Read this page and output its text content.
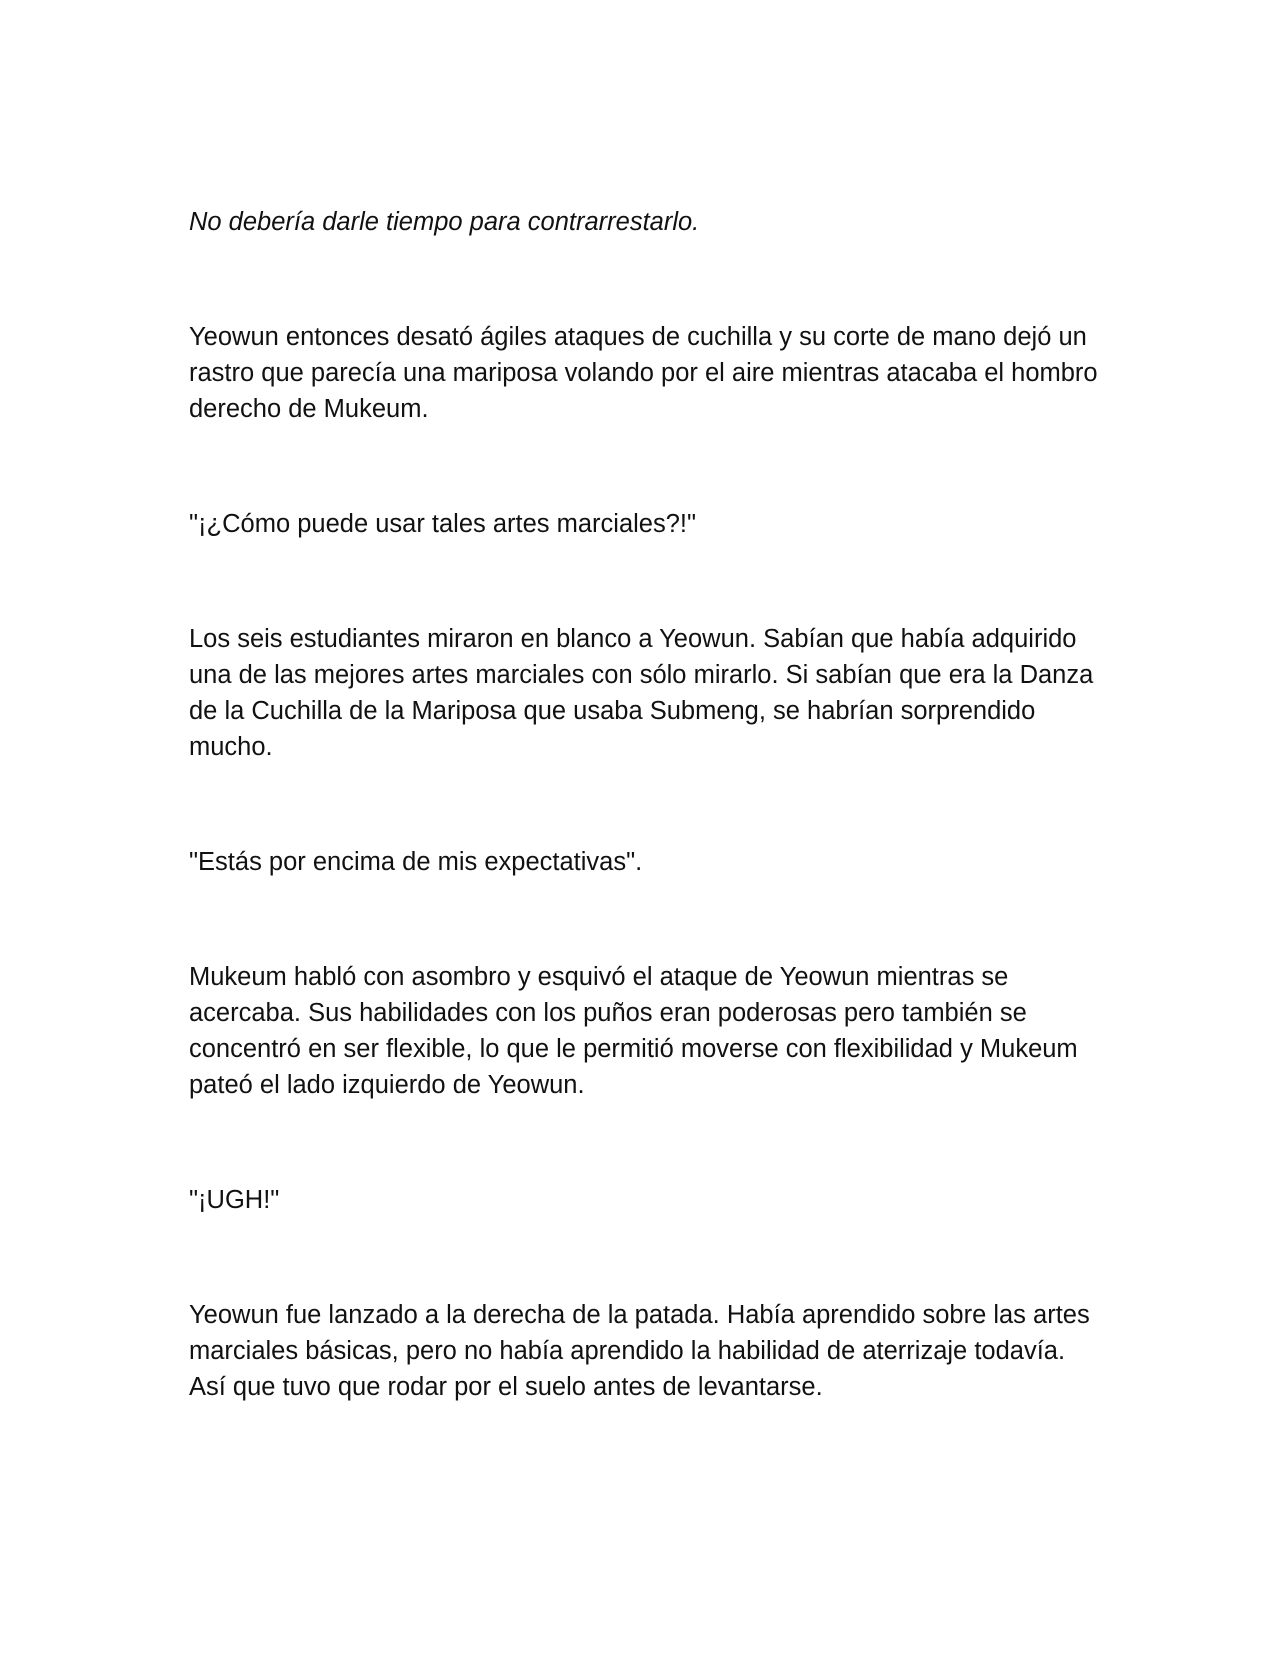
No debería darle tiempo para contrarrestarlo.

Yeowun entonces desató ágiles ataques de cuchilla y su corte de mano dejó un rastro que parecía una mariposa volando por el aire mientras atacaba el hombro derecho de Mukeum.

"¡¿Cómo puede usar tales artes marciales?!"

Los seis estudiantes miraron en blanco a Yeowun. Sabían que había adquirido una de las mejores artes marciales con sólo mirarlo. Si sabían que era la Danza de la Cuchilla de la Mariposa que usaba Submeng, se habrían sorprendido mucho.

"Estás por encima de mis expectativas".

Mukeum habló con asombro y esquivó el ataque de Yeowun mientras se acercaba. Sus habilidades con los puños eran poderosas pero también se concentró en ser flexible, lo que le permitió moverse con flexibilidad y Mukeum pateó el lado izquierdo de Yeowun.

"¡UGH!"

Yeowun fue lanzado a la derecha de la patada. Había aprendido sobre las artes marciales básicas, pero no había aprendido la habilidad de aterrizaje todavía. Así que tuvo que rodar por el suelo antes de levantarse.
